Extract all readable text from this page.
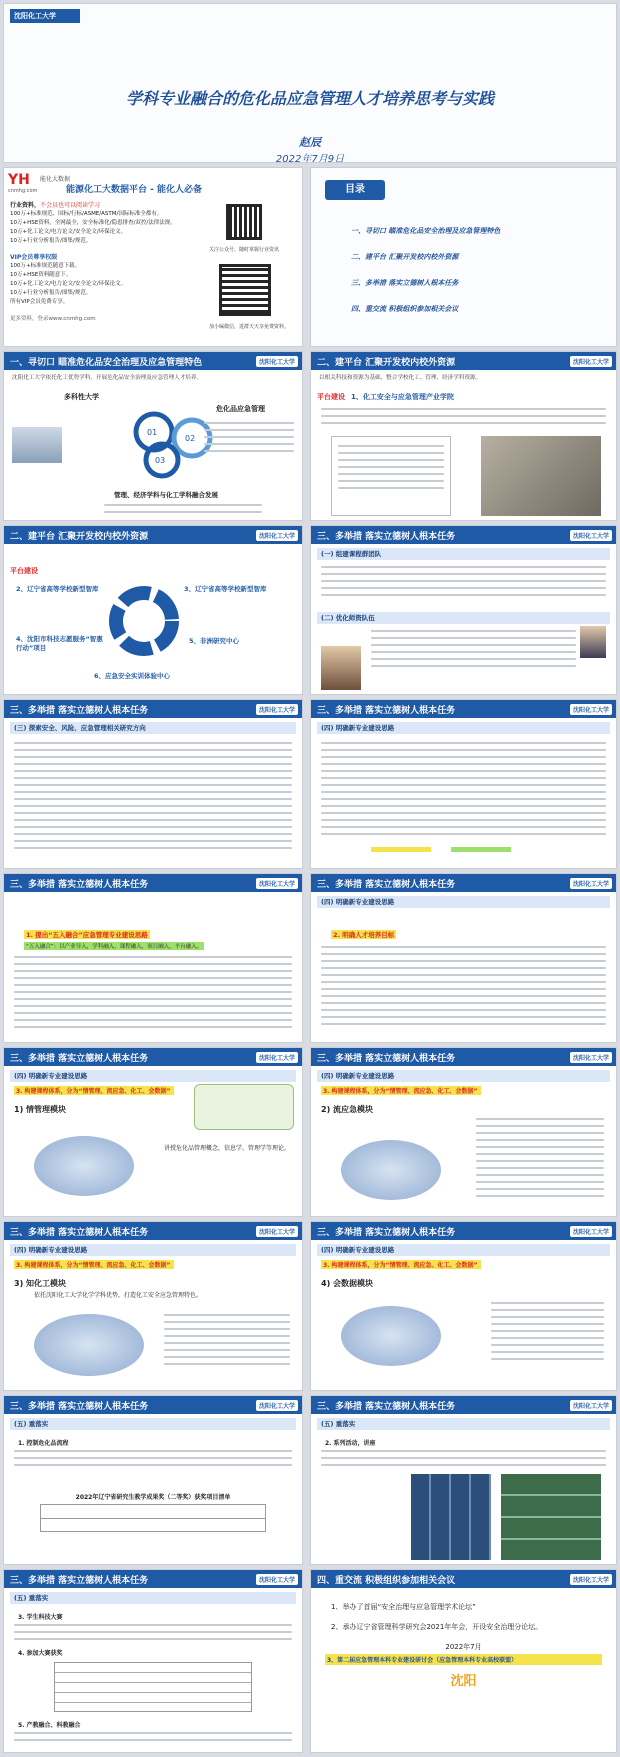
沈阳化工大学
学科专业融合的危化品应急管理人才培养思考与实践
赵辰
2022年7月9日
YH
cnmhg.com
能化大数据
能源化工大数据平台 - 能化人必备
行业资料，不会员也可以阅读学习
100万+标准规范、国标/行标/ASME/ASTM/国际标准全都有。
10万+HSE资料，全网最全，安全标准化/隐患排查/双控/法律法规。
10万+化工论文/电力论文/安全论文/环保论文。
10万+行业分析报告/图集/规范。
VIP会员尊享权限
100万+标准规范随意下载。
10万+HSE资料随意下。
10万+化工论文/电力论文/安全论文/环保论文。
10万+行业分析报告/图集/规范。
所有VIP会员免费专享。
更多资料，登录www.cnmhg.com
关注公众号、随时掌握行业资讯
加小编微信，进群天天享免费资料。
目录
一、寻切口 瞄准危化品安全治理及应急管理特色
二、建平台 汇聚开发校内校外资源
三、多举措 落实立德树人根本任务
四、重交流 积极组织参加相关会议
一、寻切口 瞄准危化品安全治理及应急管理特色	沈阳化工大学
沈阳化工大学依托化工优势学科，开展危化品安全治理及应急管理人才培养。
多科性大学
01
02
03
危化品应急管理
管理、经济学科与化工学科融合发展
二、建平台 汇聚开发校内校外资源	沈阳化工大学
以相关科技和资源为基础，整合学校化工、管理、经济学科资源。
平台建设 1、化工安全与应急管理产业学院
二、建平台 汇聚开发校内校外资源	沈阳化工大学
平台建设
2、辽宁省高等学校新型智库	3、辽宁省高等学校新型智库
4、沈阳市科技志愿服务“智惠行动”项目
5、非洲研究中心
6、应急安全实训体验中心
三、多举措 落实立德树人根本任务	沈阳化工大学
(一) 组建课程群团队
(二) 优化师资队伍
三、多举措 落实立德树人根本任务	沈阳化工大学
(三) 探索安全、风险、应急管理相关研究方向
三、多举措 落实立德树人根本任务	沈阳化工大学
(四) 明确新专业建设思路
三、多举措 落实立德树人根本任务	沈阳化工大学
1. 提出“五入融合”应急管理专业建设思路
“五入融合”：以产业导入，学科融入，课程融入，项目融入，平台融入。
三、多举措 落实立德树人根本任务	沈阳化工大学
(四) 明确新专业建设思路
2. 明确人才培养目标
三、多举措 落实立德树人根本任务	沈阳化工大学
(四) 明确新专业建设思路
3. 构建课程体系，分为“情管理、流应急、化工、会数据”
1) 情管理模块
讲授危化品管理概念，信息学、管理学等理论。
三、多举措 落实立德树人根本任务	沈阳化工大学
(四) 明确新专业建设思路
3. 构建课程体系，分为“情管理、流应急、化工、会数据”
2) 流应急模块
三、多举措 落实立德树人根本任务	沈阳化工大学
(四) 明确新专业建设思路
3. 构建课程体系，分为“情管理、流应急、化工、会数据”
3) 知化工模块
依托沈阳化工大学化学学科优势，打造化工安全应急管理特色。
三、多举措 落实立德树人根本任务	沈阳化工大学
(四) 明确新专业建设思路
3. 构建课程体系，分为“情管理、流应急、化工、会数据”
4) 会数据模块
三、多举措 落实立德树人根本任务	沈阳化工大学
(五) 重落实
1. 控制危化品流程
2022年辽宁省研究生教学成果奖（二等奖）获奖项目清单
三、多举措 落实立德树人根本任务	沈阳化工大学
(五) 重落实
2. 系列活动，讲座
三、多举措 落实立德树人根本任务	沈阳化工大学
(五) 重落实
3. 学生科技大赛
4. 参加大赛获奖
5. 产教融合、科教融合
四、重交流 积极组织参加相关会议	沈阳化工大学
1、举办了首届“安全治理与应急管理学术论坛”
2、承办辽宁省管理科学研究会2021年年会，开设安全治理分论坛。
2022年7月
3、第二届应急管理本科专业建设研讨会（应急管理本科专业高校联盟）
沈阳
